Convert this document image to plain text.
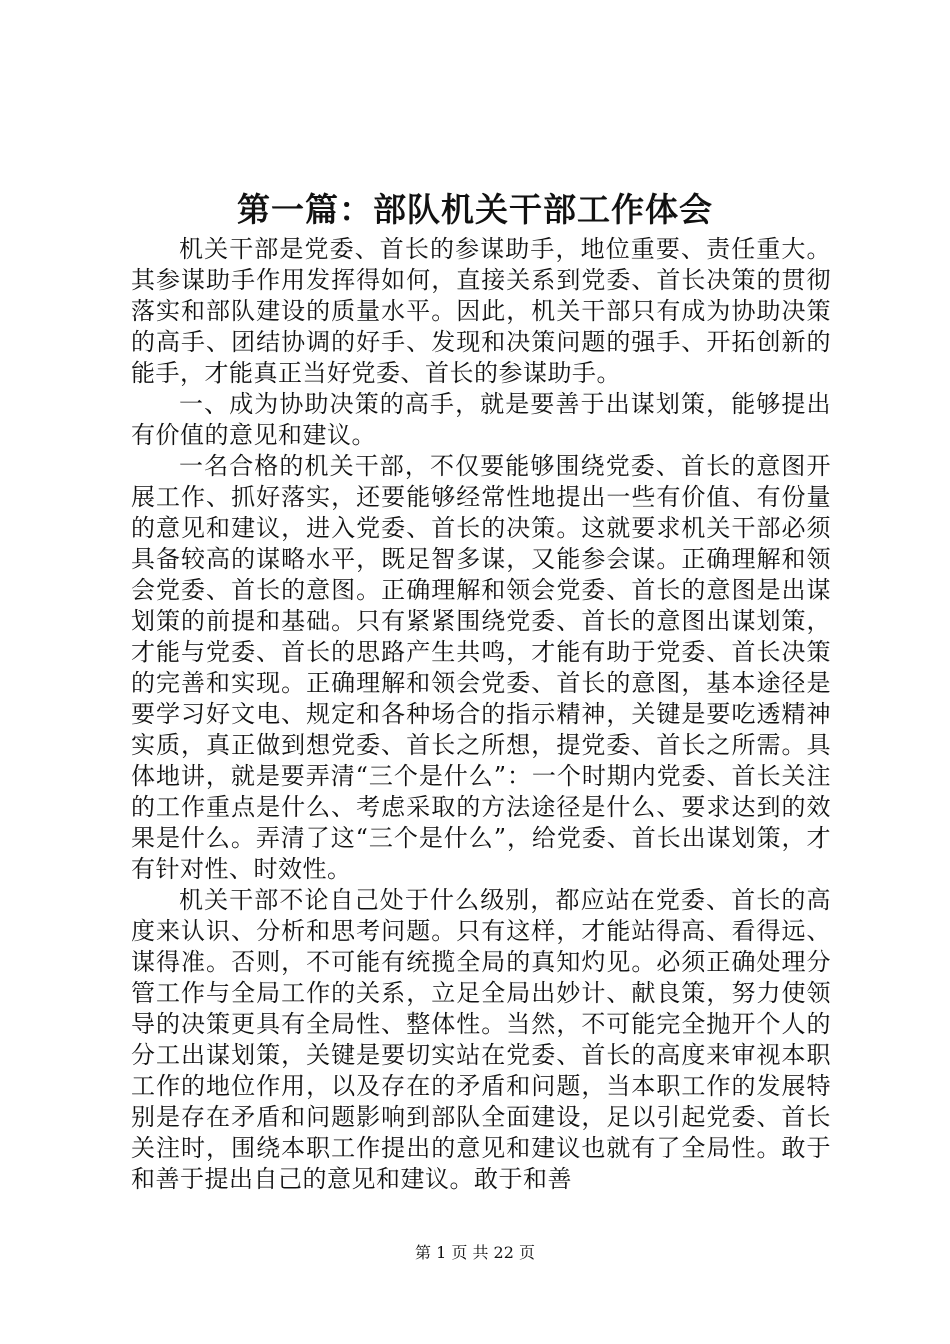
第一篇：部队机关干部工作体会

机关干部是党委、首长的参谋助手，地位重要、责任重大。其参谋助手作用发挥得如何，直接关系到党委、首长决策的贯彻落实和部队建设的质量水平。因此，机关干部只有成为协助决策的高手、团结协调的好手、发现和决策问题的强手、开拓创新的能手，才能真正当好党委、首长的参谋助手。

一、成为协助决策的高手，就是要善于出谋划策，能够提出有价值的意见和建议。

一名合格的机关干部，不仅要能够围绕党委、首长的意图开展工作、抓好落实，还要能够经常性地提出一些有价值、有份量的意见和建议，进入党委、首长的决策。这就要求机关干部必须具备较高的谋略水平，既足智多谋，又能参会谋。正确理解和领会党委、首长的意图。正确理解和领会党委、首长的意图是出谋划策的前提和基础。只有紧紧围绕党委、首长的意图出谋划策，才能与党委、首长的思路产生共鸣，才能有助于党委、首长决策的完善和实现。正确理解和领会党委、首长的意图，基本途径是要学习好文电、规定和各种场合的指示精神，关键是要吃透精神实质，真正做到想党委、首长之所想，提党委、首长之所需。具体地讲，就是要弄清“三个是什么”：一个时期内党委、首长关注的工作重点是什么、考虑采取的方法途径是什么、要求达到的效果是什么。弄清了这“三个是什么”，给党委、首长出谋划策，才有针对性、时效性。

机关干部不论自己处于什么级别，都应站在党委、首长的高度来认识、分析和思考问题。只有这样，才能站得高、看得远、谋得准。否则，不可能有统揽全局的真知灼见。必须正确处理分管工作与全局工作的关系，立足全局出妙计、献良策，努力使领导的决策更具有全局性、整体性。当然，不可能完全抛开个人的分工出谋划策，关键是要切实站在党委、首长的高度来审视本职工作的地位作用，以及存在的矛盾和问题，当本职工作的发展特别是存在矛盾和问题影响到部队全面建设，足以引起党委、首长关注时，围绕本职工作提出的意见和建议也就有了全局性。敢于和善于提出自己的意见和建议。敢于和善

第 1 页 共 22 页
